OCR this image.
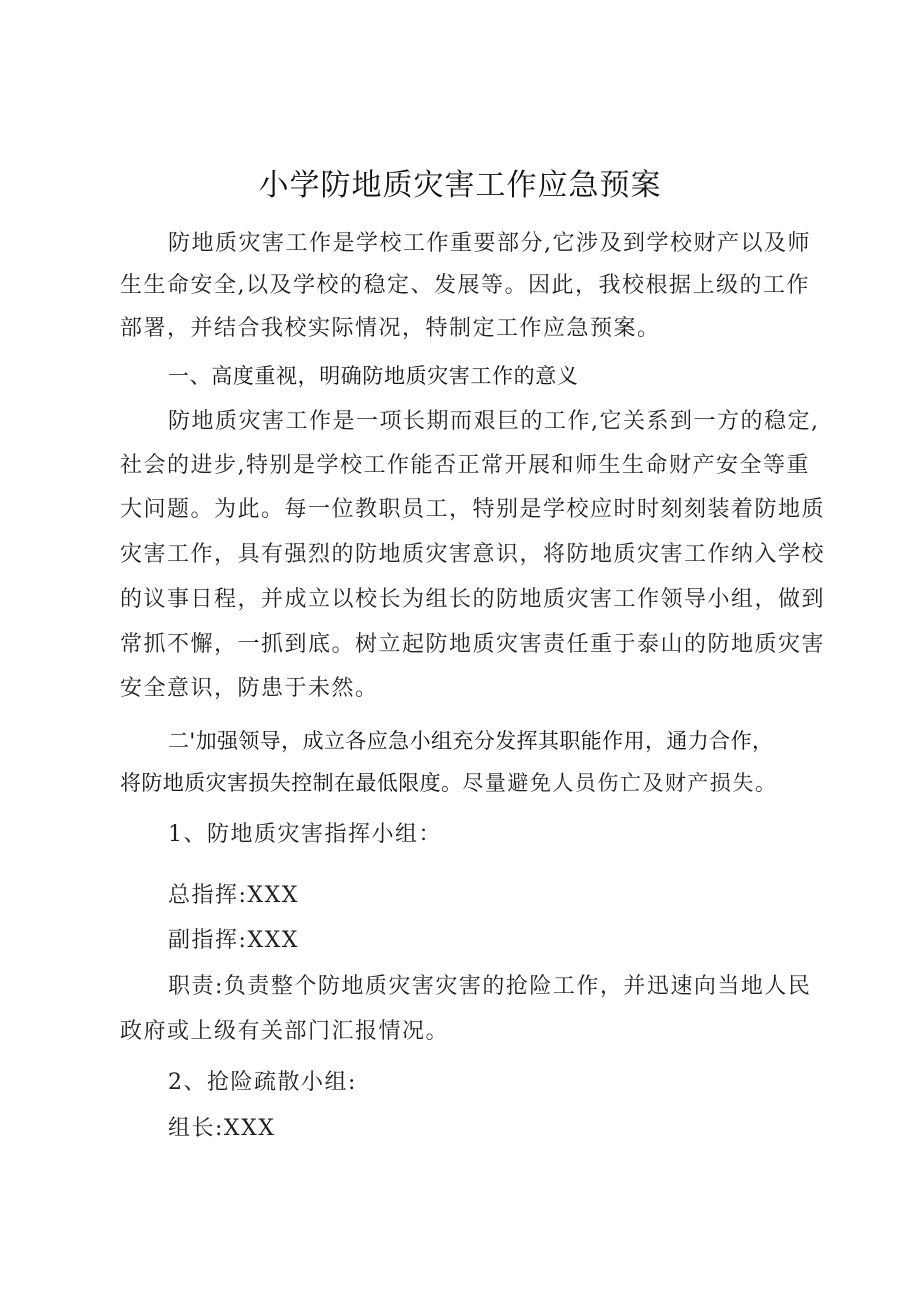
小学防地质灾害工作应急预案
防地质灾害工作是学校工作重要部分,它涉及到学校财产以及师
生生命安全,以及学校的稳定、发展等。因此，我校根据上级的工作
部署，并结合我校实际情况，特制定工作应急预案。
一、高度重视，明确防地质灾害工作的意义
防地质灾害工作是一项长期而艰巨的工作,它关系到一方的稳定,
社会的进步,特别是学校工作能否正常开展和师生生命财产安全等重
大问题。为此。每一位教职员工，特别是学校应时时刻刻装着防地质
灾害工作，具有强烈的防地质灾害意识，将防地质灾害工作纳入学校
的议事日程，并成立以校长为组长的防地质灾害工作领导小组，做到
常抓不懈，一抓到底。树立起防地质灾害责任重于泰山的防地质灾害
安全意识，防患于未然。
二'加强领导，成立各应急小组充分发挥其职能作用，通力合作，
将防地质灾害损失控制在最低限度。尽量避免人员伤亡及财产损失。
1、防地质灾害指挥小组：
总指挥:XXX
副指挥:XXX
职责:负责整个防地质灾害灾害的抢险工作，并迅速向当地人民
政府或上级有关部门汇报情况。
2、抢险疏散小组:
组长:XXX
